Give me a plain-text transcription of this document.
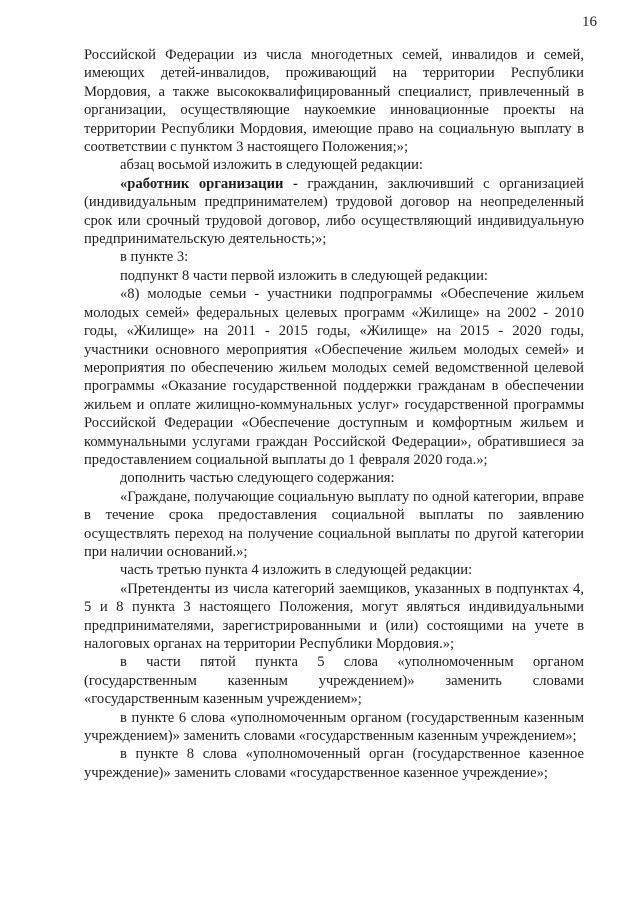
16

Российской Федерации из числа многодетных семей, инвалидов и семей, имеющих детей-инвалидов, проживающий на территории Республики Мордовия, а также высококвалифицированный специалист, привлеченный в организации, осуществляющие наукоемкие инновационные проекты на территории Республики Мордовия, имеющие право на социальную выплату в соответствии с пунктом 3 настоящего Положения;»;

абзац восьмой изложить в следующей редакции:

«работник организации - гражданин, заключивший с организацией (индивидуальным предпринимателем) трудовой договор на неопределенный срок или срочный трудовой договор, либо осуществляющий индивидуальную предпринимательскую деятельность;»;

в пункте 3:

подпункт 8 части первой изложить в следующей редакции:

«8) молодые семьи - участники подпрограммы «Обеспечение жильем молодых семей» федеральных целевых программ «Жилище» на 2002 - 2010 годы, «Жилище» на 2011 - 2015 годы, «Жилище» на 2015 - 2020 годы, участники основного мероприятия «Обеспечение жильем молодых семей» и мероприятия по обеспечению жильем молодых семей ведомственной целевой программы «Оказание государственной поддержки гражданам в обеспечении жильем и оплате жилищно-коммунальных услуг» государственной программы Российской Федерации «Обеспечение доступным и комфортным жильем и коммунальными услугами граждан Российской Федерации», обратившиеся за предоставлением социальной выплаты до 1 февраля 2020 года.»;

дополнить частью следующего содержания:

«Граждане, получающие социальную выплату по одной категории, вправе в течение срока предоставления социальной выплаты по заявлению осуществлять переход на получение социальной выплаты по другой категории при наличии оснований.»;

часть третью пункта 4 изложить в следующей редакции:

«Претенденты из числа категорий заемщиков, указанных в подпунктах 4, 5 и 8 пункта 3 настоящего Положения, могут являться индивидуальными предпринимателями, зарегистрированными и (или) состоящими на учете в налоговых органах на территории Республики Мордовия.»;

в части пятой пункта 5 слова «уполномоченным органом (государственным казенным учреждением)» заменить словами «государственным казенным учреждением»;

в пункте 6 слова «уполномоченным органом (государственным казенным учреждением)» заменить словами «государственным казенным учреждением»;

в пункте 8 слова «уполномоченный орган (государственное казенное учреждение)» заменить словами «государственное казенное учреждение»;
